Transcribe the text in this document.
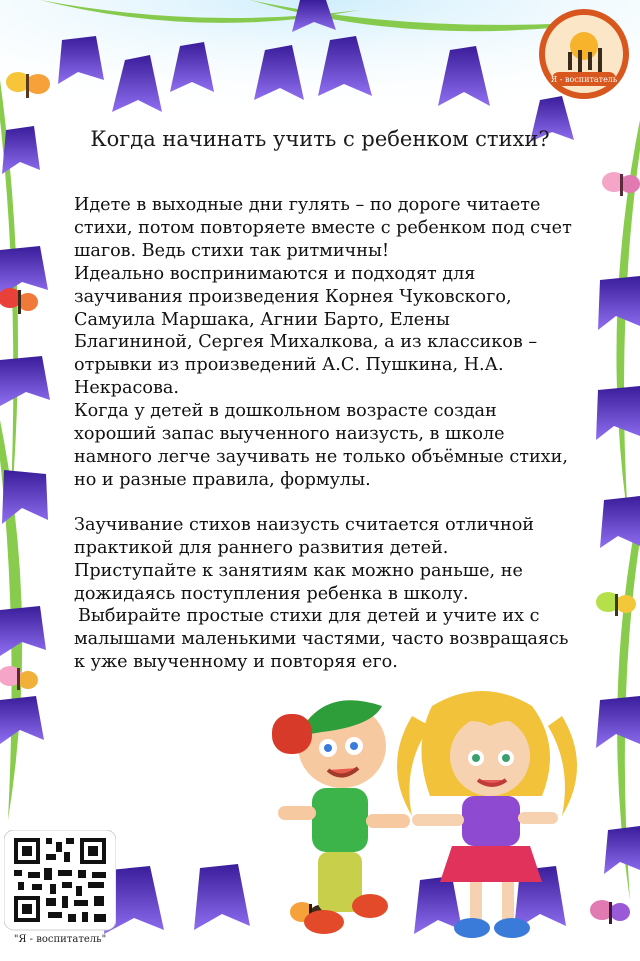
Я - воспитатель
Когда начинать учить с ребенком стихи?

Идете в выходные дни гулять – по дороге читаете стихи, потом повторяете вместе с ребенком под счет шагов. Ведь стихи так ритмичны!

Идеально воспринимаются и подходят для заучивания произведения Корнея Чуковского, Самуила Маршака, Агнии Барто, Елены Благининой, Сергея Михалкова, а из классиков – отрывки из произведений А.С. Пушкина, Н.А. Некрасова.

Когда у детей в дошкольном возрасте создан хороший запас выученного наизусть, в школе намного легче заучивать не только объёмные стихи, но и разные правила, формулы.

Заучивание стихов наизусть считается отличной практикой для раннего развития детей. Приступайте к занятиям как можно раньше, не дожидаясь поступления ребенка в школу.

Выбирайте простые стихи для детей и учите их с малышами маленькими частями, часто возвращаясь к уже выученному и повторяя его.

"Я - воспитатель"
